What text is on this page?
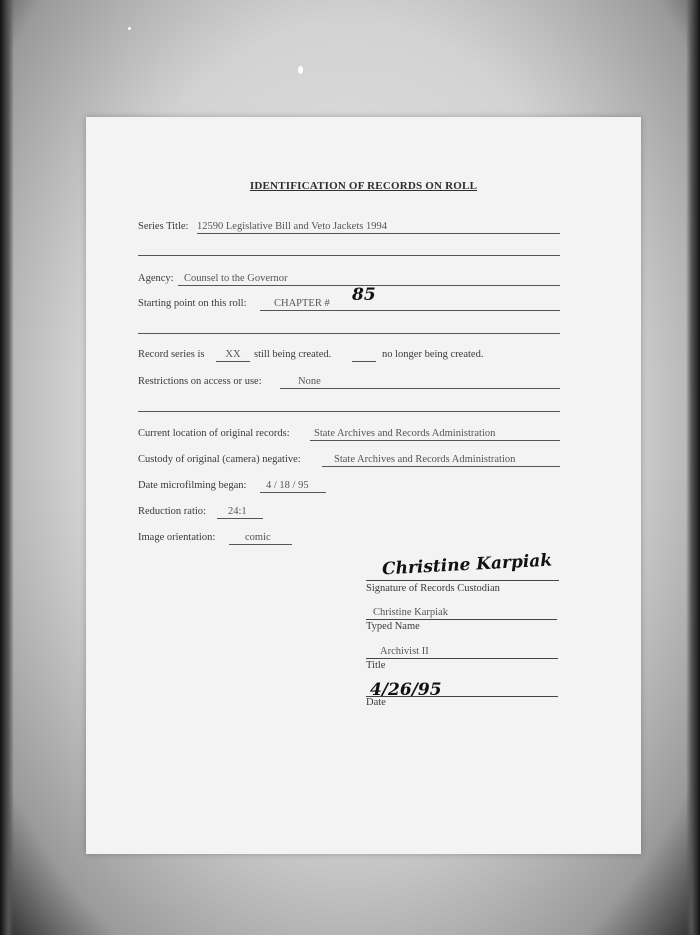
IDENTIFICATION OF RECORDS ON ROLL
Series Title: 12590 Legislative Bill and Veto Jackets 1994
Agency: Counsel to the Governor
Starting point on this roll:	CHAPTER # 85
Record series is	XX	still being created.	no longer being created.
Restrictions on access or use:	None
Current location of original records:	State Archives and Records Administration
Custody of original (camera) negative:	State Archives and Records Administration
Date microfilming began:	4 / 18 / 95
Reduction ratio:	24:1
Image orientation:	comic
Christine Karpiak
Signature of Records Custodian
Christine Karpiak
Typed Name
Archivist II
Title
4/26/95
Date
